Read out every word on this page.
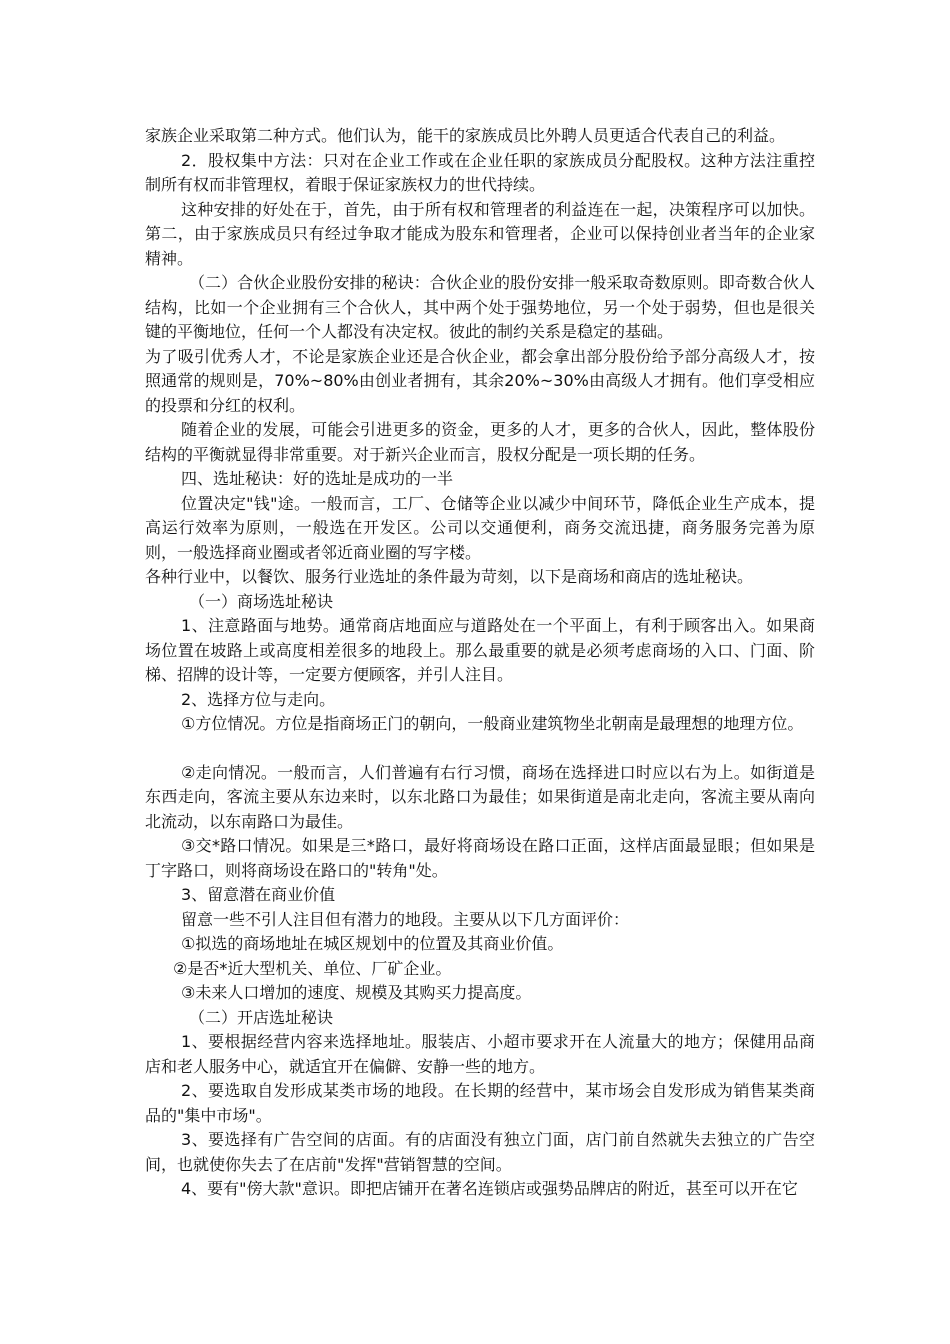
家族企业采取第二种方式。他们认为，能干的家族成员比外聘人员更适合代表自己的利益。

2．股权集中方法：只对在企业工作或在企业任职的家族成员分配股权。这种方法注重控制所有权而非管理权，着眼于保证家族权力的世代持续。

这种安排的好处在于，首先，由于所有权和管理者的利益连在一起，决策程序可以加快。第二，由于家族成员只有经过争取才能成为股东和管理者，企业可以保持创业者当年的企业家精神。

（二）合伙企业股份安排的秘诀：合伙企业的股份安排一般采取奇数原则。即奇数合伙人结构，比如一个企业拥有三个合伙人，其中两个处于强势地位，另一个处于弱势，但也是很关键的平衡地位，任何一个人都没有决定权。彼此的制约关系是稳定的基础。

为了吸引优秀人才，不论是家族企业还是合伙企业，都会拿出部分股份给予部分高级人才，按照通常的规则是，70%~80%由创业者拥有，其余20%~30%由高级人才拥有。他们享受相应的投票和分红的权利。

随着企业的发展，可能会引进更多的资金，更多的人才，更多的合伙人，因此，整体股份结构的平衡就显得非常重要。对于新兴企业而言，股权分配是一项长期的任务。

四、选址秘诀：好的选址是成功的一半

位置决定"钱"途。一般而言，工厂、仓储等企业以减少中间环节，降低企业生产成本，提高运行效率为原则，一般选在开发区。公司以交通便利，商务交流迅捷，商务服务完善为原则，一般选择商业圈或者邻近商业圈的写字楼。

各种行业中，以餐饮、服务行业选址的条件最为苛刻，以下是商场和商店的选址秘诀。

（一）商场选址秘诀

1、注意路面与地势。通常商店地面应与道路处在一个平面上，有利于顾客出入。如果商场位置在坡路上或高度相差很多的地段上。那么最重要的就是必须考虑商场的入口、门面、阶梯、招牌的设计等，一定要方便顾客，并引人注目。

2、选择方位与走向。

①方位情况。方位是指商场正门的朝向，一般商业建筑物坐北朝南是最理想的地理方位。

②走向情况。一般而言，人们普遍有右行习惯，商场在选择进口时应以右为上。如街道是东西走向，客流主要从东边来时，以东北路口为最佳；如果街道是南北走向，客流主要从南向北流动，以东南路口为最佳。

③交*路口情况。如果是三*路口，最好将商场设在路口正面，这样店面最显眼；但如果是丁字路口，则将商场设在路口的"转角"处。

3、留意潜在商业价值

留意一些不引人注目但有潜力的地段。主要从以下几方面评价：

①拟选的商场地址在城区规划中的位置及其商业价值。

②是否*近大型机关、单位、厂矿企业。

③未来人口增加的速度、规模及其购买力提高度。

（二）开店选址秘诀

1、要根据经营内容来选择地址。服装店、小超市要求开在人流量大的地方；保健用品商店和老人服务中心，就适宜开在偏僻、安静一些的地方。

2、要选取自发形成某类市场的地段。在长期的经营中，某市场会自发形成为销售某类商品的"集中市场"。

3、要选择有广告空间的店面。有的店面没有独立门面，店门前自然就失去独立的广告空间，也就使你失去了在店前"发挥"营销智慧的空间。

4、要有"傍大款"意识。即把店铺开在著名连锁店或强势品牌店的附近，甚至可以开在它
